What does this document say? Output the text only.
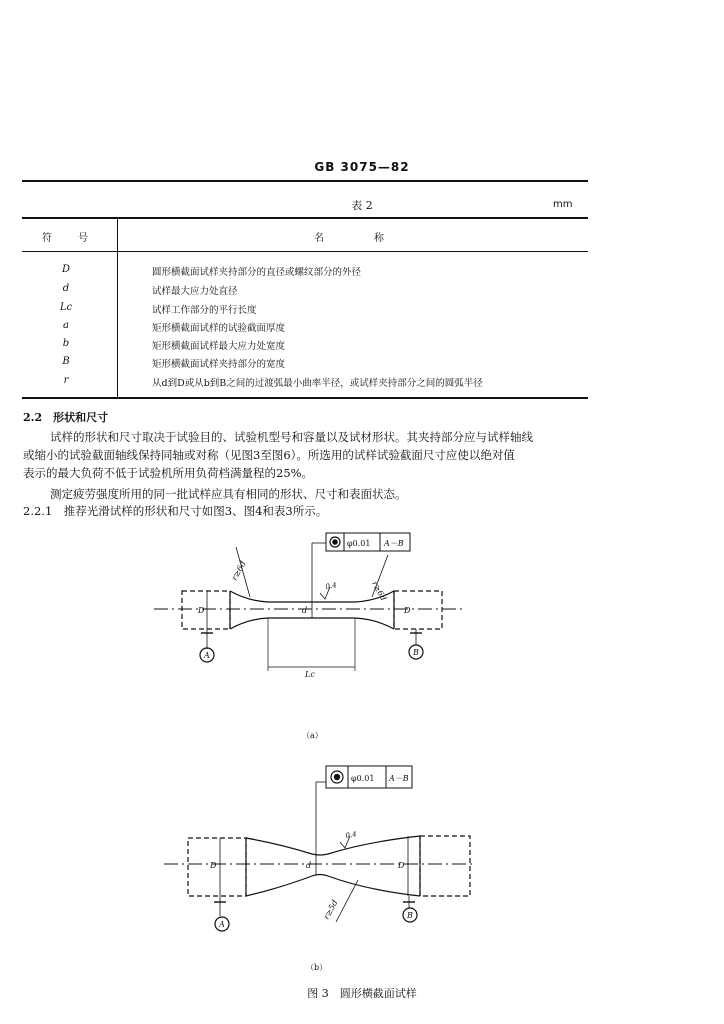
GB 3075—82
表 2	mm
符　　号	名　　　　称
D	圆形横截面试样夹持部分的直径或螺纹部分的外径
d	试样最大应力处直径
Lc	试样工作部分的平行长度
a	矩形横截面试样的试验截面厚度
b	矩形横截面试样最大应力处宽度
B	矩形横截面试样夹持部分的宽度
r	从d到D或从b到B之间的过渡弧最小曲率半径，或试样夹持部分之间的圆弧半径
2.2　形状和尺寸
试样的形状和尺寸取决于试验目的、试验机型号和容量以及试材形状。其夹持部分应与试样轴线
或缩小的试验截面轴线保持同轴或对称（见图3至图6）。所选用的试样试验截面尺寸应使以绝对值
表示的最大负荷不低于试验机所用负荷档满量程的25%。
测定疲劳强度所用的同一批试样应具有相同的形状、尺寸和表面状态。
2.2.1　推荐光滑试样的形状和尺寸如图3、图4和表3所示。
φ0.01 A－B
r≥6d
r≥6d
0.4
D	D
d
Lc
A	B
（a）
φ0.01 A－B
r≥5d
0.4
D	D
d
A
B
（b）
图 3　圆形横截面试样
